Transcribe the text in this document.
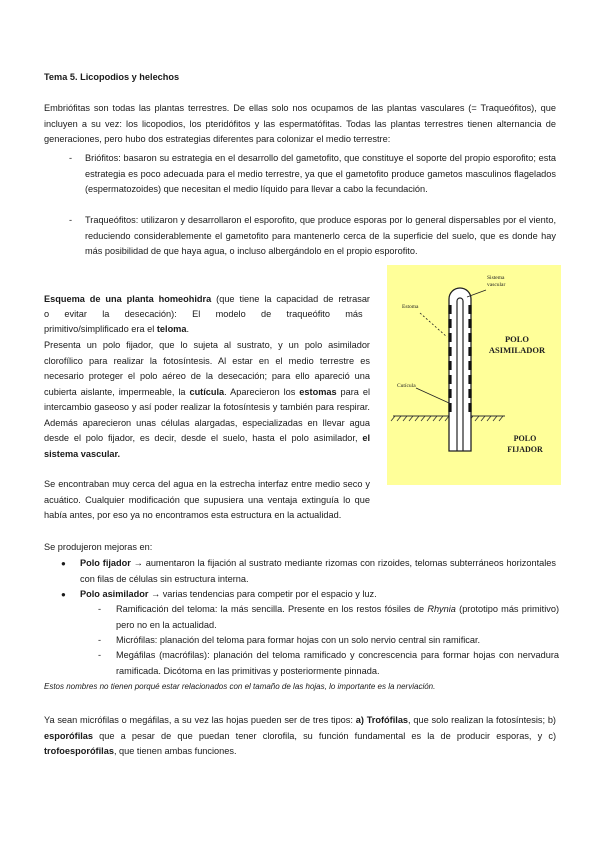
Tema 5. Licopodios y helechos
Embriófitas son todas las plantas terrestres. De ellas solo nos ocupamos de las plantas vasculares (= Traqueófitos), que incluyen a su vez: los licopodios, los pteridófitos y las espermatófitas. Todas las plantas terrestres tienen alternancia de generaciones, pero hubo dos estrategias diferentes para colonizar el medio terrestre:
- Briófitos: basaron su estrategia en el desarrollo del gametofito, que constituye el soporte del propio esporofito; esta estrategia es poco adecuada para el medio terrestre, ya que el gametofito produce gametos masculinos flagelados (espermatozoides) que necesitan el medio líquido para llevar a cabo la fecundación.
- Traqueófitos: utilizaron y desarrollaron el esporofito, que produce esporas por lo general dispersables por el viento, reduciendo considerablemente el gametofito para mantenerlo cerca de la superficie del suelo, que es donde hay más posibilidad de que haya agua, o incluso albergándolo en el propio esporofito.
Esquema de una planta homeohidra (que tiene la capacidad de retrasar
o      evitar      la      desecación):      El      modelo      de      traqueófito      más
primitivo/simplificado era el teloma.
Presenta un polo fijador, que lo sujeta al sustrato, y un polo asimilador clorofílico para realizar la fotosíntesis. Al estar en el medio terrestre es necesario proteger el polo aéreo de la desecación; para ello apareció una cubierta aislante, impermeable, la cutícula. Aparecieron los estomas para el intercambio gaseoso y así poder realizar la fotosíntesis y también para respirar. Además aparecieron unas células alargadas, especializadas en llevar agua desde el polo fijador, es decir, desde el suelo, hasta el polo asimilador, el sistema vascular.
Se encontraban muy cerca del agua en la estrecha interfaz entre medio seco y acuático. Cualquier modificación que supusiera una ventaja extinguía lo que había antes, por eso ya no encontramos esta estructura en la actualidad.
Sistema
vascular
Estoma
Cutícula
POLO
ASIMILADOR
POLO
FIJADOR
Se produjeron mejoras en:
● Polo fijador → aumentaron la fijación al sustrato mediante rizomas con rizoides, telomas subterráneos horizontales con filas de células sin estructura interna.
● Polo asimilador → varias tendencias para competir por el espacio y luz.
- Ramificación del teloma: la más sencilla. Presente en los restos fósiles de Rhynia (prototipo más primitivo) pero no en la actualidad.
- Micrófilas: planación del teloma para formar hojas con un solo nervio central sin ramificar.
- Megáfilas (macrófilas): planación del teloma ramificado y concrescencia para formar hojas con nervadura ramificada. Dicótoma en las primitivas y posteriormente pinnada.
Estos nombres no tienen porqué estar relacionados con el tamaño de las hojas, lo importante es la nerviación.
Ya sean micrófilas o megáfilas, a su vez las hojas pueden ser de tres tipos: a) Trofófilas, que solo realizan la fotosíntesis; b) esporófilas que a pesar de que puedan tener clorofila, su función fundamental es la de producir esporas, y c) trofoesporófilas, que tienen ambas funciones.
